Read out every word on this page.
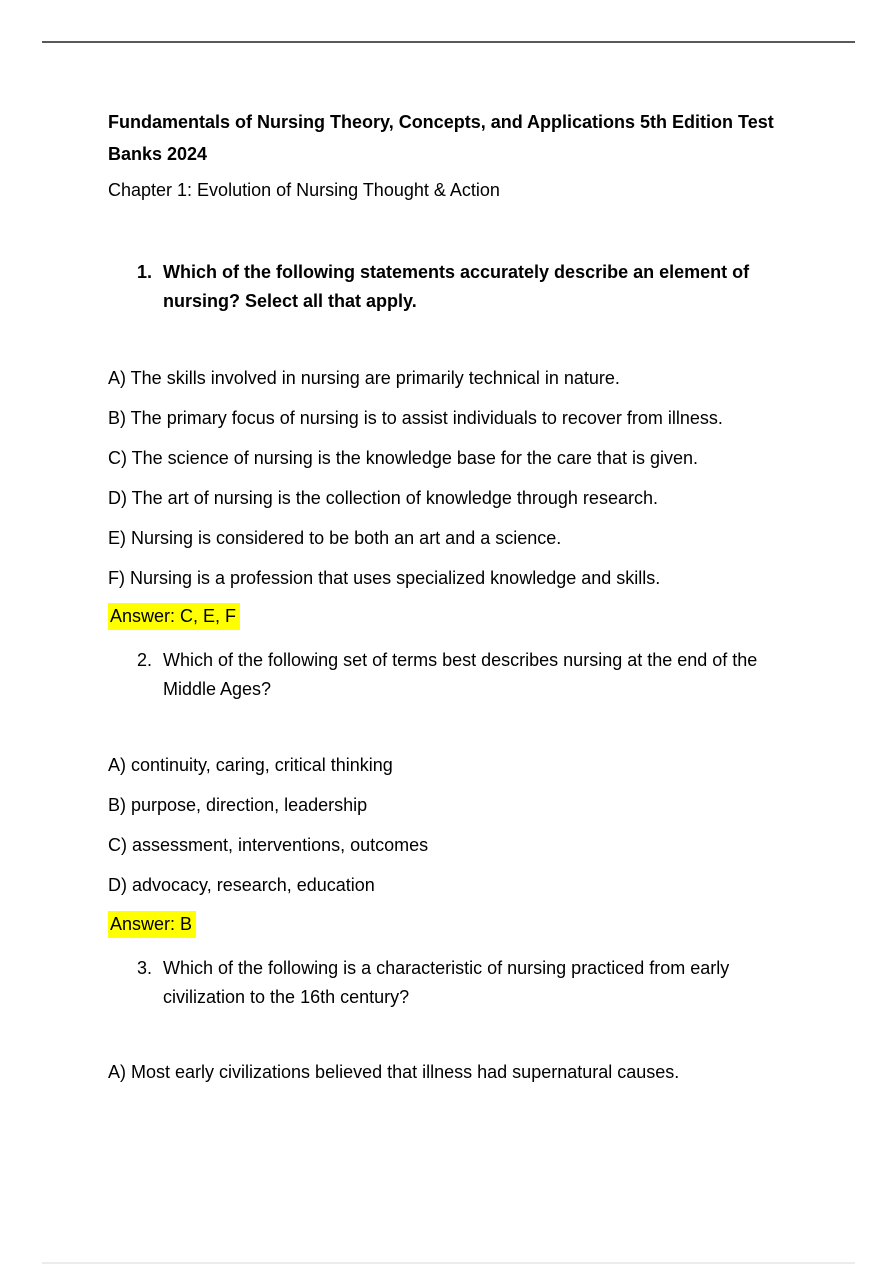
Fundamentals of Nursing Theory, Concepts, and Applications 5th Edition Test
Banks 2024
Chapter 1: Evolution of Nursing Thought & Action
1. Which of the following statements accurately describe an element of nursing? Select all that apply.
A) The skills involved in nursing are primarily technical in nature.
B) The primary focus of nursing is to assist individuals to recover from illness.
C) The science of nursing is the knowledge base for the care that is given.
D) The art of nursing is the collection of knowledge through research.
E) Nursing is considered to be both an art and a science.
F) Nursing is a profession that uses specialized knowledge and skills.
Answer: C, E, F
2. Which of the following set of terms best describes nursing at the end of the Middle Ages?
A) continuity, caring, critical thinking
B) purpose, direction, leadership
C) assessment, interventions, outcomes
D) advocacy, research, education
Answer: B
3. Which of the following is a characteristic of nursing practiced from early civilization to the 16th century?
A) Most early civilizations believed that illness had supernatural causes.
